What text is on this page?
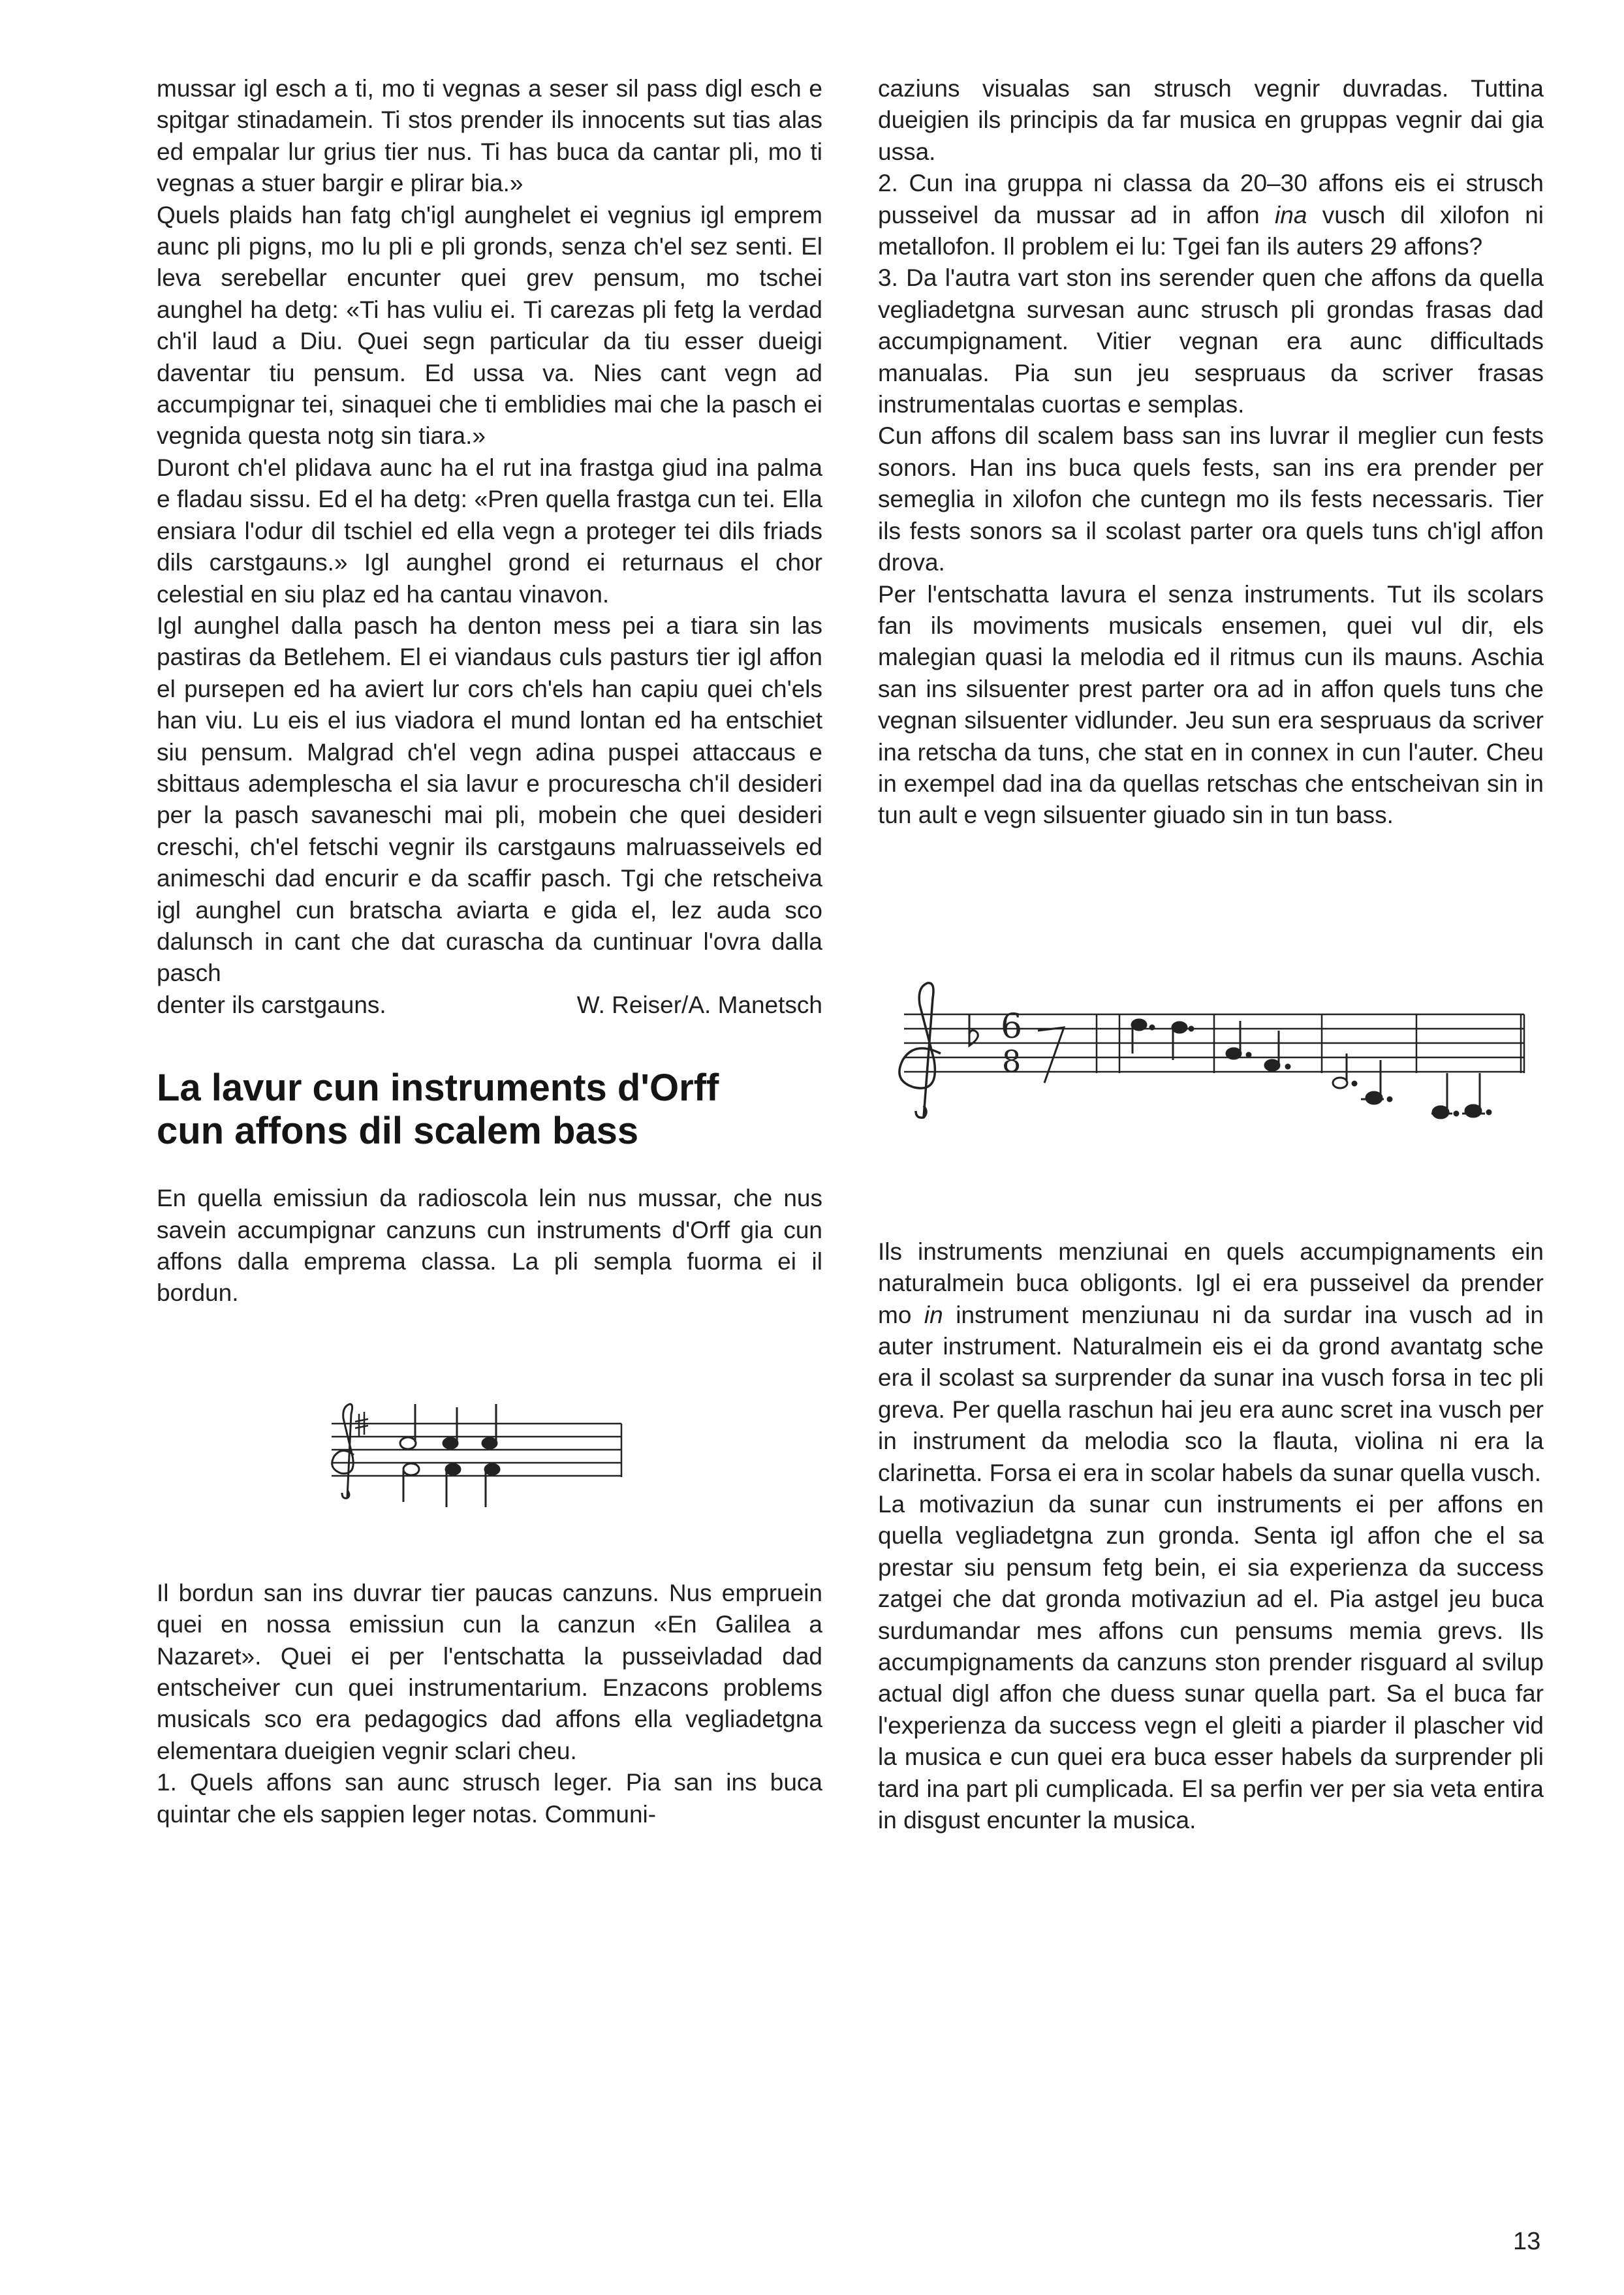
mussar igl esch a ti, mo ti vegnas a seser sil pass digl esch e spitgar stinadamein. Ti stos prender ils innocents sut tias alas ed empalar lur grius tier nus. Ti has buca da cantar pli, mo ti vegnas a stuer bargir e plirar bia.»

Quels plaids han fatg ch'igl aunghelet ei vegnius igl emprem aunc pli pigns, mo lu pli e pli gronds, senza ch'el sez senti. El leva serebellar encunter quei grev pensum, mo tschei aunghel ha detg: «Ti has vuliu ei. Ti carezas pli fetg la verdad ch'il laud a Diu. Quei segn particular da tiu esser dueigi daventar tiu pensum. Ed ussa va. Nies cant vegn ad accumpignar tei, sinaquei che ti emblidies mai che la pasch ei vegnida questa notg sin tiara.»

Duront ch'el plidava aunc ha el rut ina frastga giud ina palma e fladau sissu. Ed el ha detg: «Pren quella frastga cun tei. Ella ensiara l'odur dil tschiel ed ella vegn a proteger tei dils friads dils carstgauns.» Igl aunghel grond ei returnaus el chor celestial en siu plaz ed ha cantau vinavon.

Igl aunghel dalla pasch ha denton mess pei a tiara sin las pastiras da Betlehem. El ei viandaus culs pasturs tier igl affon el pursepen ed ha aviert lur cors ch'els han capiu quei ch'els han viu. Lu eis el ius viadora el mund lontan ed ha entschiet siu pensum. Malgrad ch'el vegn adina puspei attaccaus e sbittaus ademplescha el sia lavur e procurescha ch'il desideri per la pasch savaneschi mai pli, mobein che quei desideri creschi, ch'el fetschi vegnir ils carstgauns malruasseivels ed animeschi dad encurir e da scaffir pasch. Tgi che retscheiva igl aunghel cun bratscha aviarta e gida el, lez auda sco dalunsch in cant che dat curascha da cuntinuar l'ovra dalla pasch

denter ils carstgauns.	W. Reiser/A. Manetsch
La lavur cun instruments d'Orff
cun affons dil scalem bass

En quella emissiun da radioscola lein nus mussar, che nus savein accumpignar canzuns cun instruments d'Orff gia cun affons dalla emprema classa. La pli sempla fuorma ei il bordun.

Il bordun san ins duvrar tier paucas canzuns. Nus empruein quei en nossa emissiun cun la canzun «En Galilea a Nazaret». Quei ei per l'entschatta la pusseivladad dad entscheiver cun quei instrumentarium. Enzacons problems musicals sco era pedagogics dad affons ella vegliadetgna elementara dueigien vegnir sclari cheu.

1. Quels affons san aunc strusch leger. Pia san ins buca quintar che els sappien leger notas. Communi-

caziuns visualas san strusch vegnir duvradas. Tuttina dueigien ils principis da far musica en gruppas vegnir dai gia ussa.

2. Cun ina gruppa ni classa da 20–30 affons eis ei strusch pusseivel da mussar ad in affon ina vusch dil xilofon ni metallofon. Il problem ei lu: Tgei fan ils auters 29 affons?

3. Da l'autra vart ston ins serender quen che affons da quella vegliadetgna survesan aunc strusch pli grondas frasas dad accumpignament. Vitier vegnan era aunc difficultads manualas. Pia sun jeu sespruaus da scriver frasas instrumentalas cuortas e semplas.

Cun affons dil scalem bass san ins luvrar il meglier cun fests sonors. Han ins buca quels fests, san ins era prender per semeglia in xilofon che cuntegn mo ils fests necessaris. Tier ils fests sonors sa il scolast parter ora quels tuns ch'igl affon drova.

Per l'entschatta lavura el senza instruments. Tut ils scolars fan ils moviments musicals ensemen, quei vul dir, els malegian quasi la melodia ed il ritmus cun ils mauns. Aschia san ins silsuenter prest parter ora ad in affon quels tuns che vegnan silsuenter vidlunder. Jeu sun era sespruaus da scriver ina retscha da tuns, che stat en in connex in cun l'auter. Cheu in exempel dad ina da quellas retschas che entscheivan sin in tun ault e vegn silsuenter giuado sin in tun bass.

6
8

Ils instruments menziunai en quels accumpignaments ein naturalmein buca obligonts. Igl ei era pusseivel da prender mo in instrument menziunau ni da surdar ina vusch ad in auter instrument. Naturalmein eis ei da grond avantatg sche era il scolast sa surprender da sunar ina vusch forsa in tec pli greva. Per quella raschun hai jeu era aunc scret ina vusch per in instrument da melodia sco la flauta, violina ni era la clarinetta. Forsa ei era in scolar habels da sunar quella vusch.

La motivaziun da sunar cun instruments ei per affons en quella vegliadetgna zun gronda. Senta igl affon che el sa prestar siu pensum fetg bein, ei sia experienza da success zatgei che dat gronda motivaziun ad el. Pia astgel jeu buca surdumandar mes affons cun pensums memia grevs. Ils accumpignaments da canzuns ston prender risguard al svilup actual digl affon che duess sunar quella part. Sa el buca far l'experienza da success vegn el gleiti a piarder il plascher vid la musica e cun quei era buca esser habels da surprender pli tard ina part pli cumplicada. El sa perfin ver per sia veta entira in disgust encunter la musica.

13
